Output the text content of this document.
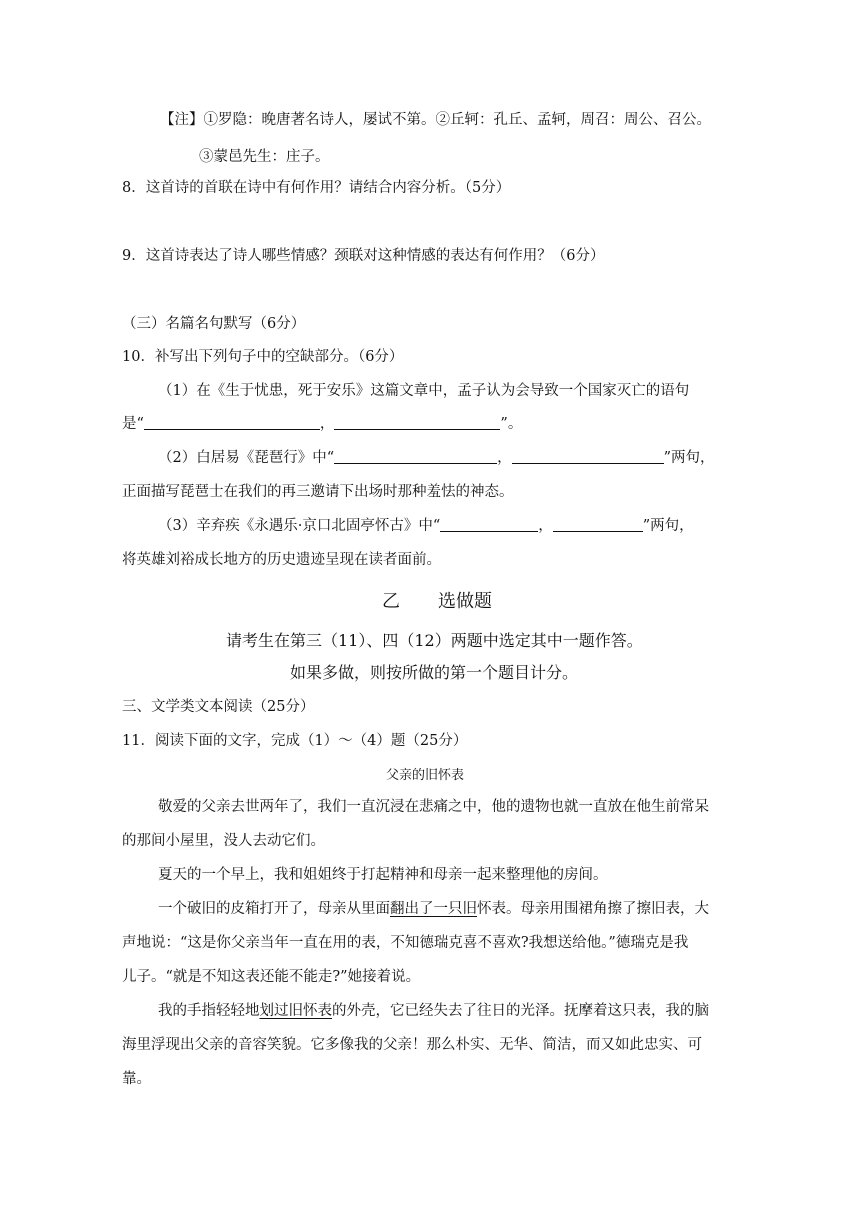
【注】①罗隐：晚唐著名诗人，屡试不第。②丘轲：孔丘、孟轲，周召：周公、召公。
③蒙邑先生：庄子。
8．这首诗的首联在诗中有何作用？请结合内容分析。（5分）
9．这首诗表达了诗人哪些情感？颈联对这种情感的表达有何作用？（6分）
（三）名篇名句默写（6分）
10．补写出下列句子中的空缺部分。（6分）
（1）在《生于忧患，死于安乐》这篇文章中，孟子认为会导致一个国家灭亡的语句
是“	，	”。
（2）白居易《琵琶行》中“	，	”两句，
正面描写琵琶士在我们的再三邀请下出场时那种羞怯的神态。
（3）辛弃疾《永遇乐·京口北固亭怀古》中“	，	”两句，
将英雄刘裕成长地方的历史遗迹呈现在读者面前。
乙 选做题
请考生在第三（11）、四（12）两题中选定其中一题作答。
如果多做，则按所做的第一个题目计分。
三、文学类文本阅读（25分）
11．阅读下面的文字，完成（1）～（4）题（25分）
父亲的旧怀表
敬爱的父亲去世两年了，我们一直沉浸在悲痛之中，他的遗物也就一直放在他生前常呆
的那间小屋里，没人去动它们。
夏天的一个早上，我和姐姐终于打起精神和母亲一起来整理他的房间。
一个破旧的皮箱打开了，母亲从里面翻出了一只旧怀表。母亲用围裙角擦了擦旧表，大
声地说：“这是你父亲当年一直在用的表，不知德瑞克喜不喜欢?我想送给他。”德瑞克是我
儿子。“就是不知这表还能不能走?”她接着说。
我的手指轻轻地划过旧怀表的外壳，它已经失去了往日的光泽。抚摩着这只表，我的脑
海里浮现出父亲的音容笑貌。它多像我的父亲！那么朴实、无华、简洁，而又如此忠实、可
靠。
